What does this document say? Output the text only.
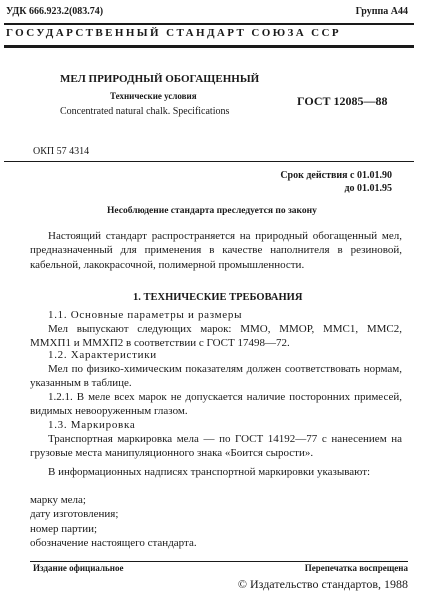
УДК 666.923.2(083.74)	Группа А44
ГОСУДАРСТВЕННЫЙ СТАНДАРТ СОЮЗА ССР
МЕЛ ПРИРОДНЫЙ ОБОГАЩЕННЫЙ
Технические условия
Concentrated natural chalk. Specifications
ГОСТ 12085—88
ОКП 57 4314
Срок действия с 01.01.90
до 01.01.95
Несоблюдение стандарта преследуется по закону

Настоящий стандарт распространяется на природный обогащенный мел, предназначенный для применения в качестве наполнителя в резиновой, кабельной, лакокрасочной, полимерной промышленности.

1. ТЕХНИЧЕСКИЕ ТРЕБОВАНИЯ

1.1. Основные параметры и размеры

Мел выпускают следующих марок: ММО, ММОР, ММС1, ММС2, ММХП1 и ММХП2 в соответствии с ГОСТ 17498—72.

1.2. Характеристики

Мел по физико-химическим показателям должен соответствовать нормам, указанным в таблице.

1.2.1. В меле всех марок не допускается наличие посторонних примесей, видимых невооруженным глазом.

1.3. Маркировка

Транспортная маркировка мела — по ГОСТ 14192—77 с нанесением на грузовые места манипуляционного знака «Боится сырости».

В информационных надписях транспортной маркировки указывают:

марку мела;
дату изготовления;
номер партии;
обозначение настоящего стандарта.
Издание официальное	Перепечатка воспрещена
© Издательство стандартов, 1988
